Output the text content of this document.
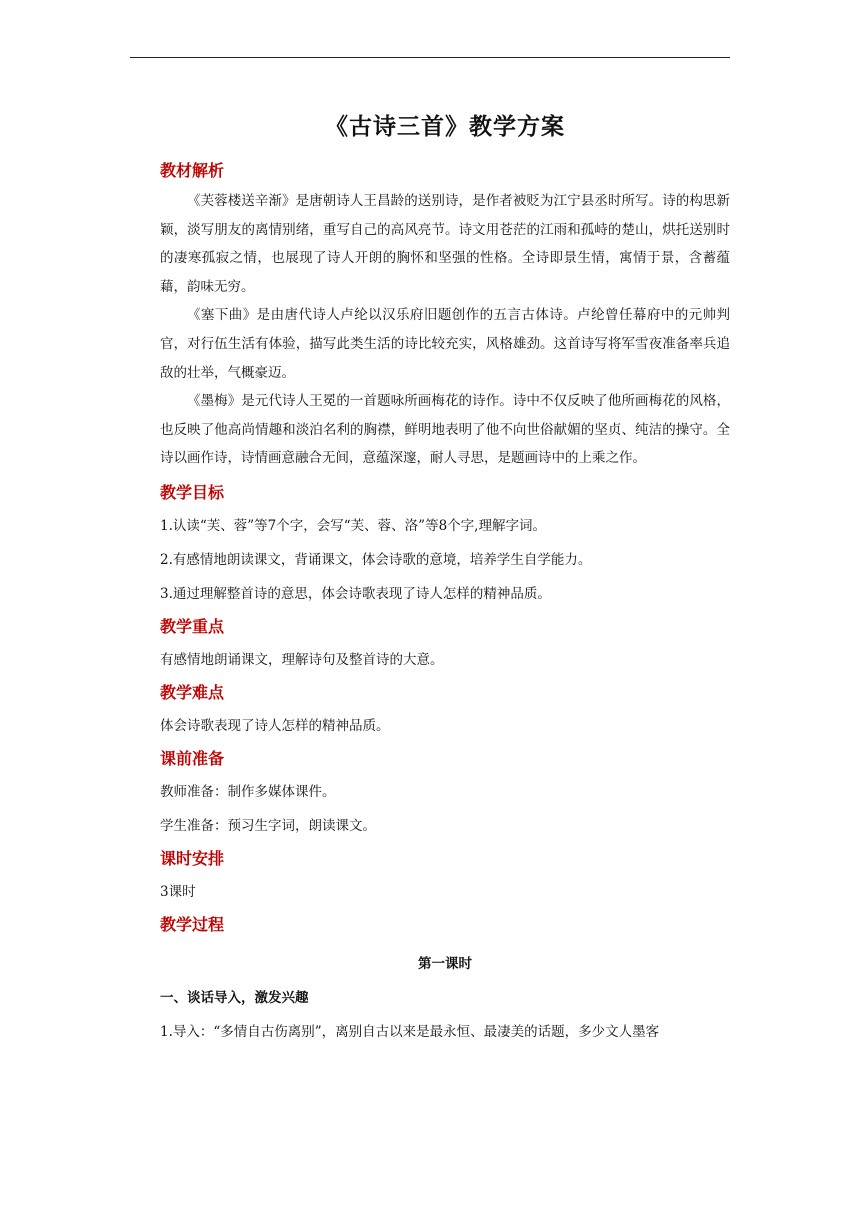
《古诗三首》教学方案
教材解析

《芙蓉楼送辛渐》是唐朝诗人王昌龄的送别诗，是作者被贬为江宁县丞时所写。诗的构思新颖，淡写朋友的离情别绪，重写自己的高风亮节。诗文用苍茫的江雨和孤峙的楚山，烘托送别时的凄寒孤寂之情，也展现了诗人开朗的胸怀和坚强的性格。全诗即景生情，寓情于景，含蓄蕴藉，韵味无穷。

《塞下曲》是由唐代诗人卢纶以汉乐府旧题创作的五言古体诗。卢纶曾任幕府中的元帅判官，对行伍生活有体验，描写此类生活的诗比较充实，风格雄劲。这首诗写将军雪夜准备率兵追敌的壮举，气概豪迈。

《墨梅》是元代诗人王冕的一首题咏所画梅花的诗作。诗中不仅反映了他所画梅花的风格，也反映了他高尚情趣和淡泊名利的胸襟，鲜明地表明了他不向世俗献媚的坚贞、纯洁的操守。全诗以画作诗，诗情画意融合无间，意蕴深邃，耐人寻思，是题画诗中的上乘之作。

教学目标

1.认读“芙、蓉”等7个字，会写“芙、蓉、洛”等8个字,理解字词。

2.有感情地朗读课文，背诵课文，体会诗歌的意境，培养学生自学能力。

3.通过理解整首诗的意思，体会诗歌表现了诗人怎样的精神品质。

教学重点

有感情地朗诵课文，理解诗句及整首诗的大意。

教学难点

体会诗歌表现了诗人怎样的精神品质。

课前准备

教师准备：制作多媒体课件。

学生准备：预习生字词，朗读课文。

课时安排

3课时

教学过程

第一课时

一、谈话导入，激发兴趣

1.导入：“多情自古伤离别”，离别自古以来是最永恒、最凄美的话题，多少文人墨客
